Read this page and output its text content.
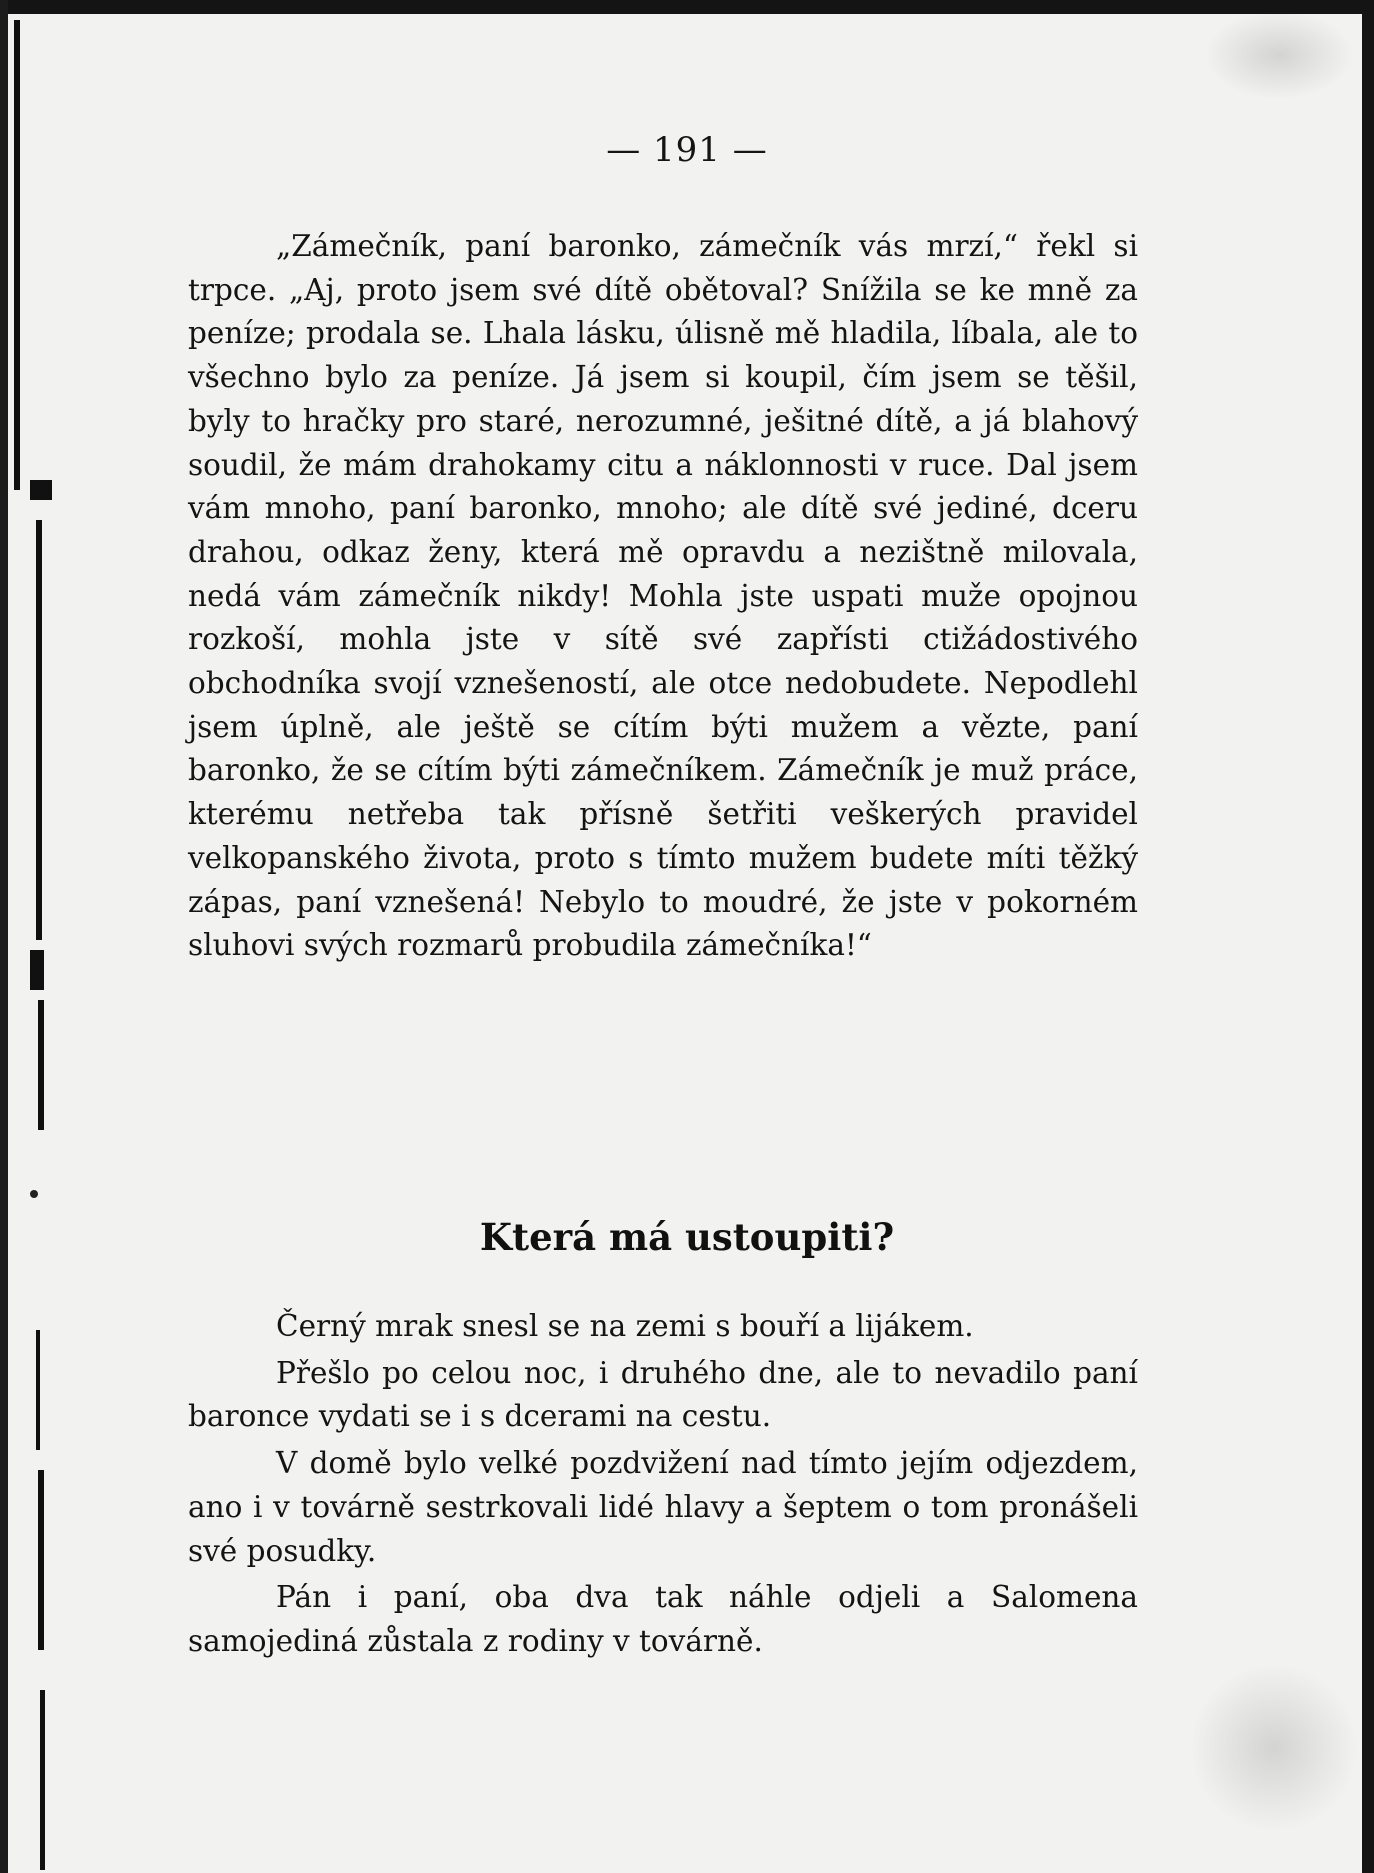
— 191 —

„Zámečník, paní baronko, zámečník vás mrzí,“ řekl si trpce. „Aj, proto jsem své dítě obětoval? Snížila se ke mně za peníze; prodala se. Lhala lásku, úlisně mě hladila, líbala, ale to všechno bylo za peníze. Já jsem si koupil, čím jsem se těšil, byly to hračky pro staré, nerozumné, ješitné dítě, a já blahový soudil, že mám drahokamy citu a náklonnosti v ruce. Dal jsem vám mnoho, paní baronko, mnoho; ale dítě své jediné, dceru drahou, odkaz ženy, která mě opravdu a nezištně milovala, nedá vám zámečník nikdy! Mohla jste uspati muže opojnou rozkoší, mohla jste v sítě své zapřísti ctižádostivého obchodníka svojí vznešeností, ale otce nedobudete. Nepodlehl jsem úplně, ale ještě se cítím býti mužem a vězte, paní baronko, že se cítím býti zámečníkem. Zámečník je muž práce, kterému netřeba tak přísně šetřiti veškerých pravidel velkopanského života, proto s tímto mužem budete míti těžký zápas, paní vznešená! Nebylo to moudré, že jste v pokorném sluhovi svých rozmarů probudila zámečníka!“

Která má ustoupiti?

Černý mrak snesl se na zemi s bouří a lijákem.

Přešlo po celou noc, i druhého dne, ale to nevadilo paní baronce vydati se i s dcerami na cestu.

V domě bylo velké pozdvižení nad tímto jejím odjezdem, ano i v továrně sestrkovali lidé hlavy a šeptem o tom pronášeli své posudky.

Pán i paní, oba dva tak náhle odjeli a Salomena samojediná zůstala z rodiny v továrně.
